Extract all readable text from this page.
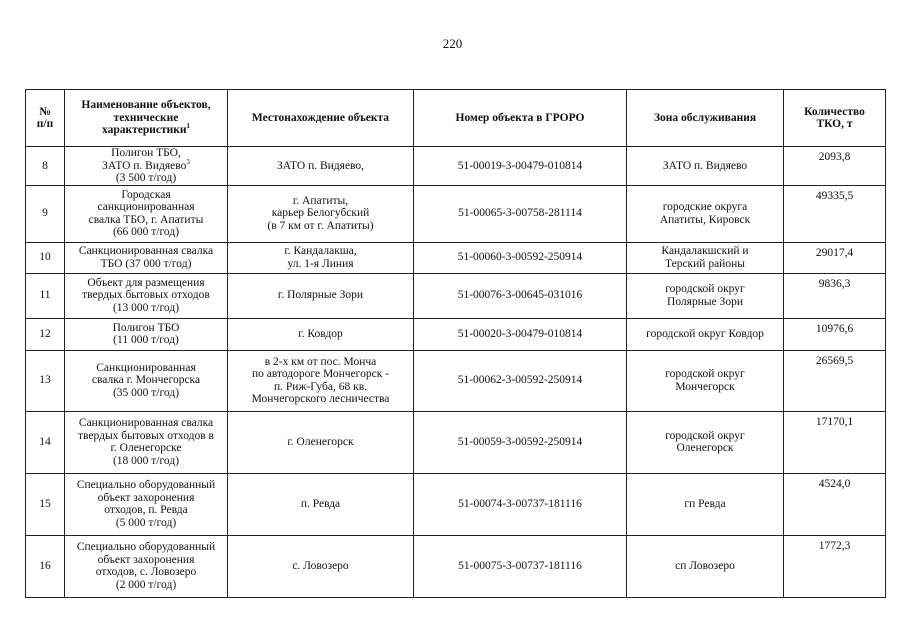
220
№
п/п	Наименование объектов,
технические
характеристики$^1$	Местонахождение объекта	Номер объекта в ГРОРО	Зона обслуживания	Количество
ТКО, т

8	Полигон ТБО,
ЗАТО п. Видяево$^3$
(3 500 т/год)	ЗАТО п. Видяево,	51-00019-3-00479-010814	ЗАТО п. Видяево	2093,8
9	Городская
санкционированная
свалка ТБО, г. Апатиты
(66 000 т/год)	г. Апатиты,
карьер Белогубский
(в 7 км от г. Апатиты)	51-00065-3-00758-281114	городские округа
Апатиты, Кировск	49335,5
10	Санкционированная свалка
ТБО (37 000 т/год)	г. Кандалакша,
ул. 1-я Линия	51-00060-3-00592-250914	Кандалакшский и
Терский районы	29017,4
11	Объект для размещения
твердых бытовых отходов
(13 000 т/год)	г. Полярные Зори	51-00076-3-00645-031016	городской округ
Полярные Зори	9836,3
12	Полигон ТБО
(11 000 т/год)	г. Ковдор	51-00020-3-00479-010814	городской округ Ковдор	10976,6
13	Санкционированная
свалка г. Мончегорска
(35 000 т/год)	в 2-х км от пос. Монча
по автодороге Мончегорск -
п. Риж-Губа, 68 кв.
Мончегорского лесничества	51-00062-3-00592-250914	городской округ
Мончегорск	26569,5
14	Санкционированная свалка
твердых бытовых отходов в
г. Оленегорске
(18 000 т/год)	г. Оленегорск	51-00059-3-00592-250914	городской округ
Оленегорск	17170,1
15	Специально оборудованный
объект захоронения
отходов, п. Ревда
(5 000 т/год)	п. Ревда	51-00074-3-00737-181116	гп Ревда	4524,0
16	Специально оборудованный
объект захоронения
отходов, с. Ловозеро
(2 000 т/год)	с. Ловозеро	51-00075-3-00737-181116	сп Ловозеро	1772,3
